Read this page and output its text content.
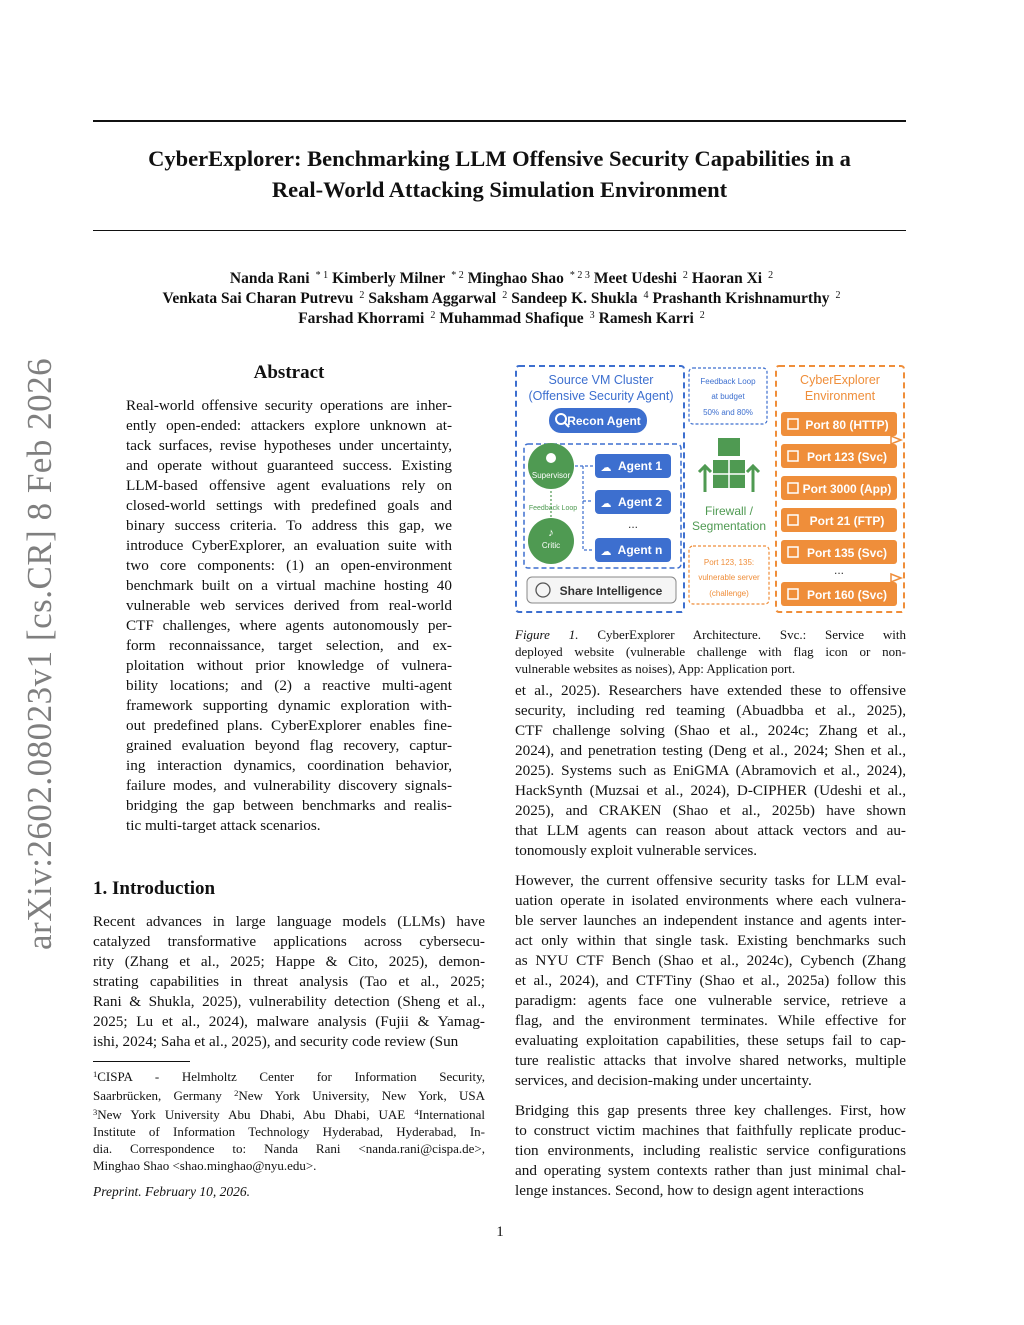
CyberExplorer: Benchmarking LLM Offensive Security Capabilities in a
Real-World Attacking Simulation Environment
Nanda Rani $^{* 1}$ Kimberly Milner $^{* 2}$ Minghao Shao $^{* 2 3}$ Meet Udeshi $^2$ Haoran Xi $^2$
Venkata Sai Charan Putrevu $^2$ Saksham Aggarwal $^2$ Sandeep K. Shukla $^4$ Prashanth Krishnamurthy $^2$
Farshad Khorrami $^2$ Muhammad Shafique $^3$ Ramesh Karri $^2$
arXiv:2602.08023v1 [cs.CR] 8 Feb 2026	Abstract
Real-world offensive security operations are inher-
ently open-ended: attackers explore unknown at-
tack surfaces, revise hypotheses under uncertainty,
and operate without guaranteed success. Existing
LLM-based offensive agent evaluations rely on
closed-world settings with predefined goals and
binary success criteria. To address this gap, we
introduce CyberExplorer, an evaluation suite with
two core components: (1) an open-environment
benchmark built on a virtual machine hosting 40
vulnerable web services derived from real-world
CTF challenges, where agents autonomously per-
form reconnaissance, target selection, and ex-
ploitation without prior knowledge of vulnera-
bility locations; and (2) a reactive multi-agent
framework supporting dynamic exploration with-
out predefined plans. CyberExplorer enables fine-
grained evaluation beyond flag recovery, captur-
ing interaction dynamics, coordination behavior,
failure modes, and vulnerability discovery signals-
bridging the gap between benchmarks and realis-
tic multi-target attack scenarios.
1. Introduction
Recent advances in large language models (LLMs) have
catalyzed transformative applications across cybersecu-
rity (Zhang et al., 2025; Happe & Cito, 2025), demon-
strating capabilities in threat analysis (Tao et al., 2025;
Rani & Shukla, 2025), vulnerability detection (Sheng et al.,
2025; Lu et al., 2024), malware analysis (Fujii & Yamag-
ishi, 2024; Saha et al., 2025), and security code review (Sun
$^1$CISPA - Helmholtz Center for Information Security,
Saarbrücken, Germany $^2$New York University, New York, USA
$^3$New York University Abu Dhabi, Abu Dhabi, UAE $^4$International
Institute of Information Technology Hyderabad, Hyderabad, In-
dia. Correspondence to: Nanda Rani <nanda.rani@cispa.de>,
Minghao Shao <shao.minghao@nyu.edu>.
Preprint. February 10, 2026.
1
Source VM Cluster
(Offensive Security Agent)
Recon Agent
Supervisor
Feedback Loop
♪
Critic
☁ Agent 1
☁ Agent 2
...
☁ Agent n
Share Intelligence
Feedback Loop
at budget
50% and 80%
Firewall /
Segmentation
Port 123, 135:
vulnerable server
(challenge)
CyberExplorer
Environment
Port 80 (HTTP)
Port 123 (Svc)
Port 3000 (App)
Port 21 (FTP)
Port 135 (Svc)
...
Port 160 (Svc)
Figure 1. CyberExplorer Architecture. Svc.: Service with
deployed website (vulnerable challenge with flag icon or non-
vulnerable websites as noises), App: Application port.
et al., 2025). Researchers have extended these to offensive
security, including red teaming (Abuadbba et al., 2025),
CTF challenge solving (Shao et al., 2024c; Zhang et al.,
2024), and penetration testing (Deng et al., 2024; Shen et al.,
2025). Systems such as EniGMA (Abramovich et al., 2024),
HackSynth (Muzsai et al., 2024), D-CIPHER (Udeshi et al.,
2025), and CRAKEN (Shao et al., 2025b) have shown
that LLM agents can reason about attack vectors and au-
tonomously exploit vulnerable services.
However, the current offensive security tasks for LLM eval-
uation operate in isolated environments where each vulnera-
ble server launches an independent instance and agents inter-
act only within that single task. Existing benchmarks such
as NYU CTF Bench (Shao et al., 2024c), Cybench (Zhang
et al., 2024), and CTFTiny (Shao et al., 2025a) follow this
paradigm: agents face one vulnerable service, retrieve a
flag, and the environment terminates. While effective for
evaluating exploitation capabilities, these setups fail to cap-
ture realistic attacks that involve shared networks, multiple
services, and decision-making under uncertainty.
Bridging this gap presents three key challenges. First, how
to construct victim machines that faithfully replicate produc-
tion environments, including realistic service configurations
and operating system contexts rather than just minimal chal-
lenge instances. Second, how to design agent interactions
